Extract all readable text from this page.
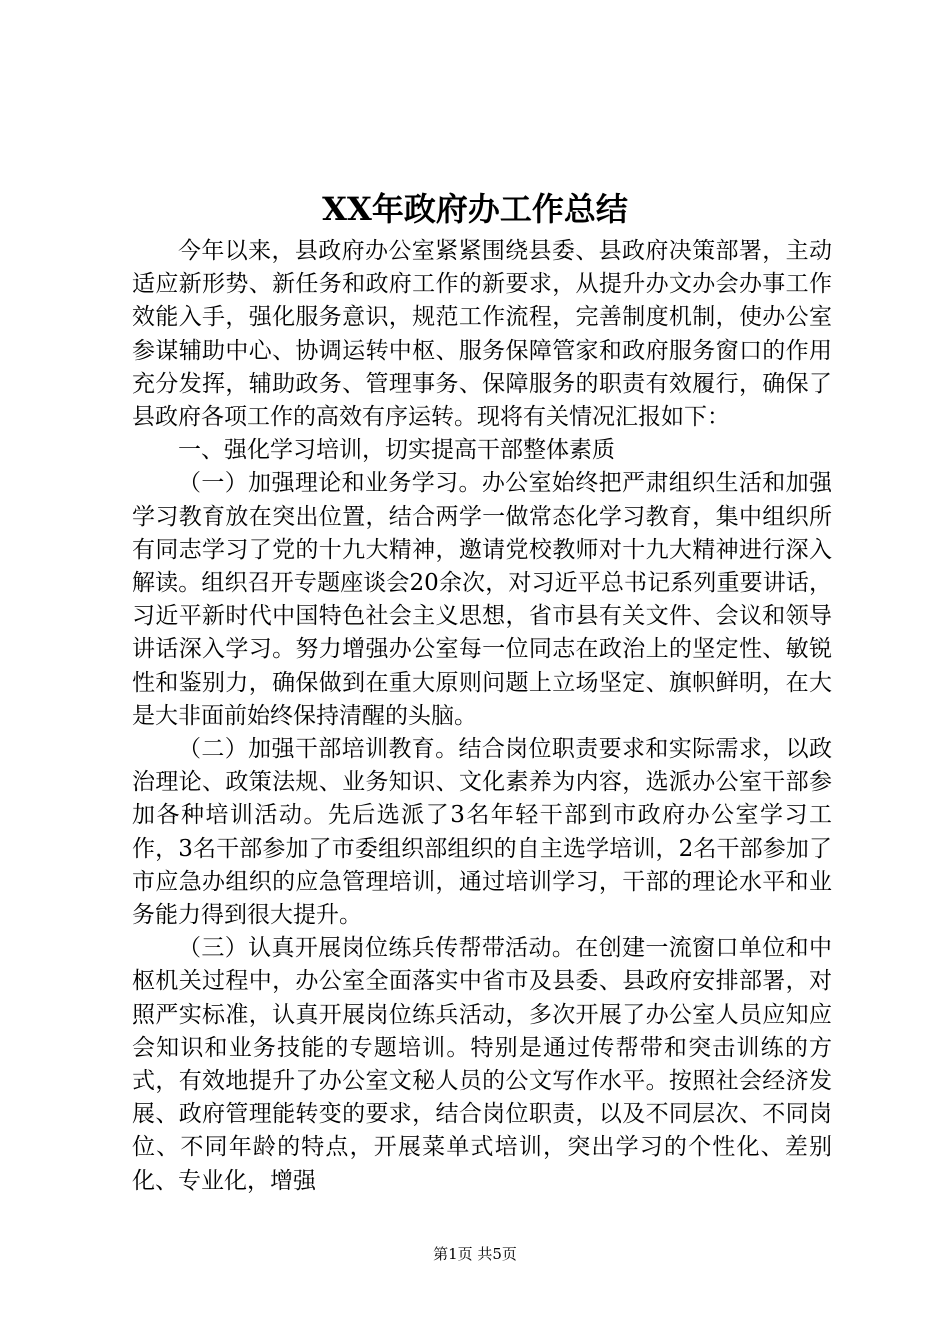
XX年政府办工作总结

今年以来，县政府办公室紧紧围绕县委、县政府决策部署，主动适应新形势、新任务和政府工作的新要求，从提升办文办会办事工作效能入手，强化服务意识，规范工作流程，完善制度机制，使办公室参谋辅助中心、协调运转中枢、服务保障管家和政府服务窗口的作用充分发挥，辅助政务、管理事务、保障服务的职责有效履行，确保了县政府各项工作的高效有序运转。现将有关情况汇报如下：

一、强化学习培训，切实提高干部整体素质

（一）加强理论和业务学习。办公室始终把严肃组织生活和加强学习教育放在突出位置，结合两学一做常态化学习教育，集中组织所有同志学习了党的十九大精神，邀请党校教师对十九大精神进行深入解读。组织召开专题座谈会20余次，对习近平总书记系列重要讲话，习近平新时代中国特色社会主义思想，省市县有关文件、会议和领导讲话深入学习。努力增强办公室每一位同志在政治上的坚定性、敏锐性和鉴别力，确保做到在重大原则问题上立场坚定、旗帜鲜明，在大是大非面前始终保持清醒的头脑。

（二）加强干部培训教育。结合岗位职责要求和实际需求，以政治理论、政策法规、业务知识、文化素养为内容，选派办公室干部参加各种培训活动。先后选派了3名年轻干部到市政府办公室学习工作，3名干部参加了市委组织部组织的自主选学培训，2名干部参加了市应急办组织的应急管理培训，通过培训学习，干部的理论水平和业务能力得到很大提升。

（三）认真开展岗位练兵传帮带活动。在创建一流窗口单位和中枢机关过程中，办公室全面落实中省市及县委、县政府安排部署，对照严实标准，认真开展岗位练兵活动，多次开展了办公室人员应知应会知识和业务技能的专题培训。特别是通过传帮带和突击训练的方式，有效地提升了办公室文秘人员的公文写作水平。按照社会经济发展、政府管理能转变的要求，结合岗位职责，以及不同层次、不同岗位、不同年龄的特点，开展菜单式培训，突出学习的个性化、差别化、专业化，增强

第1页 共5页
